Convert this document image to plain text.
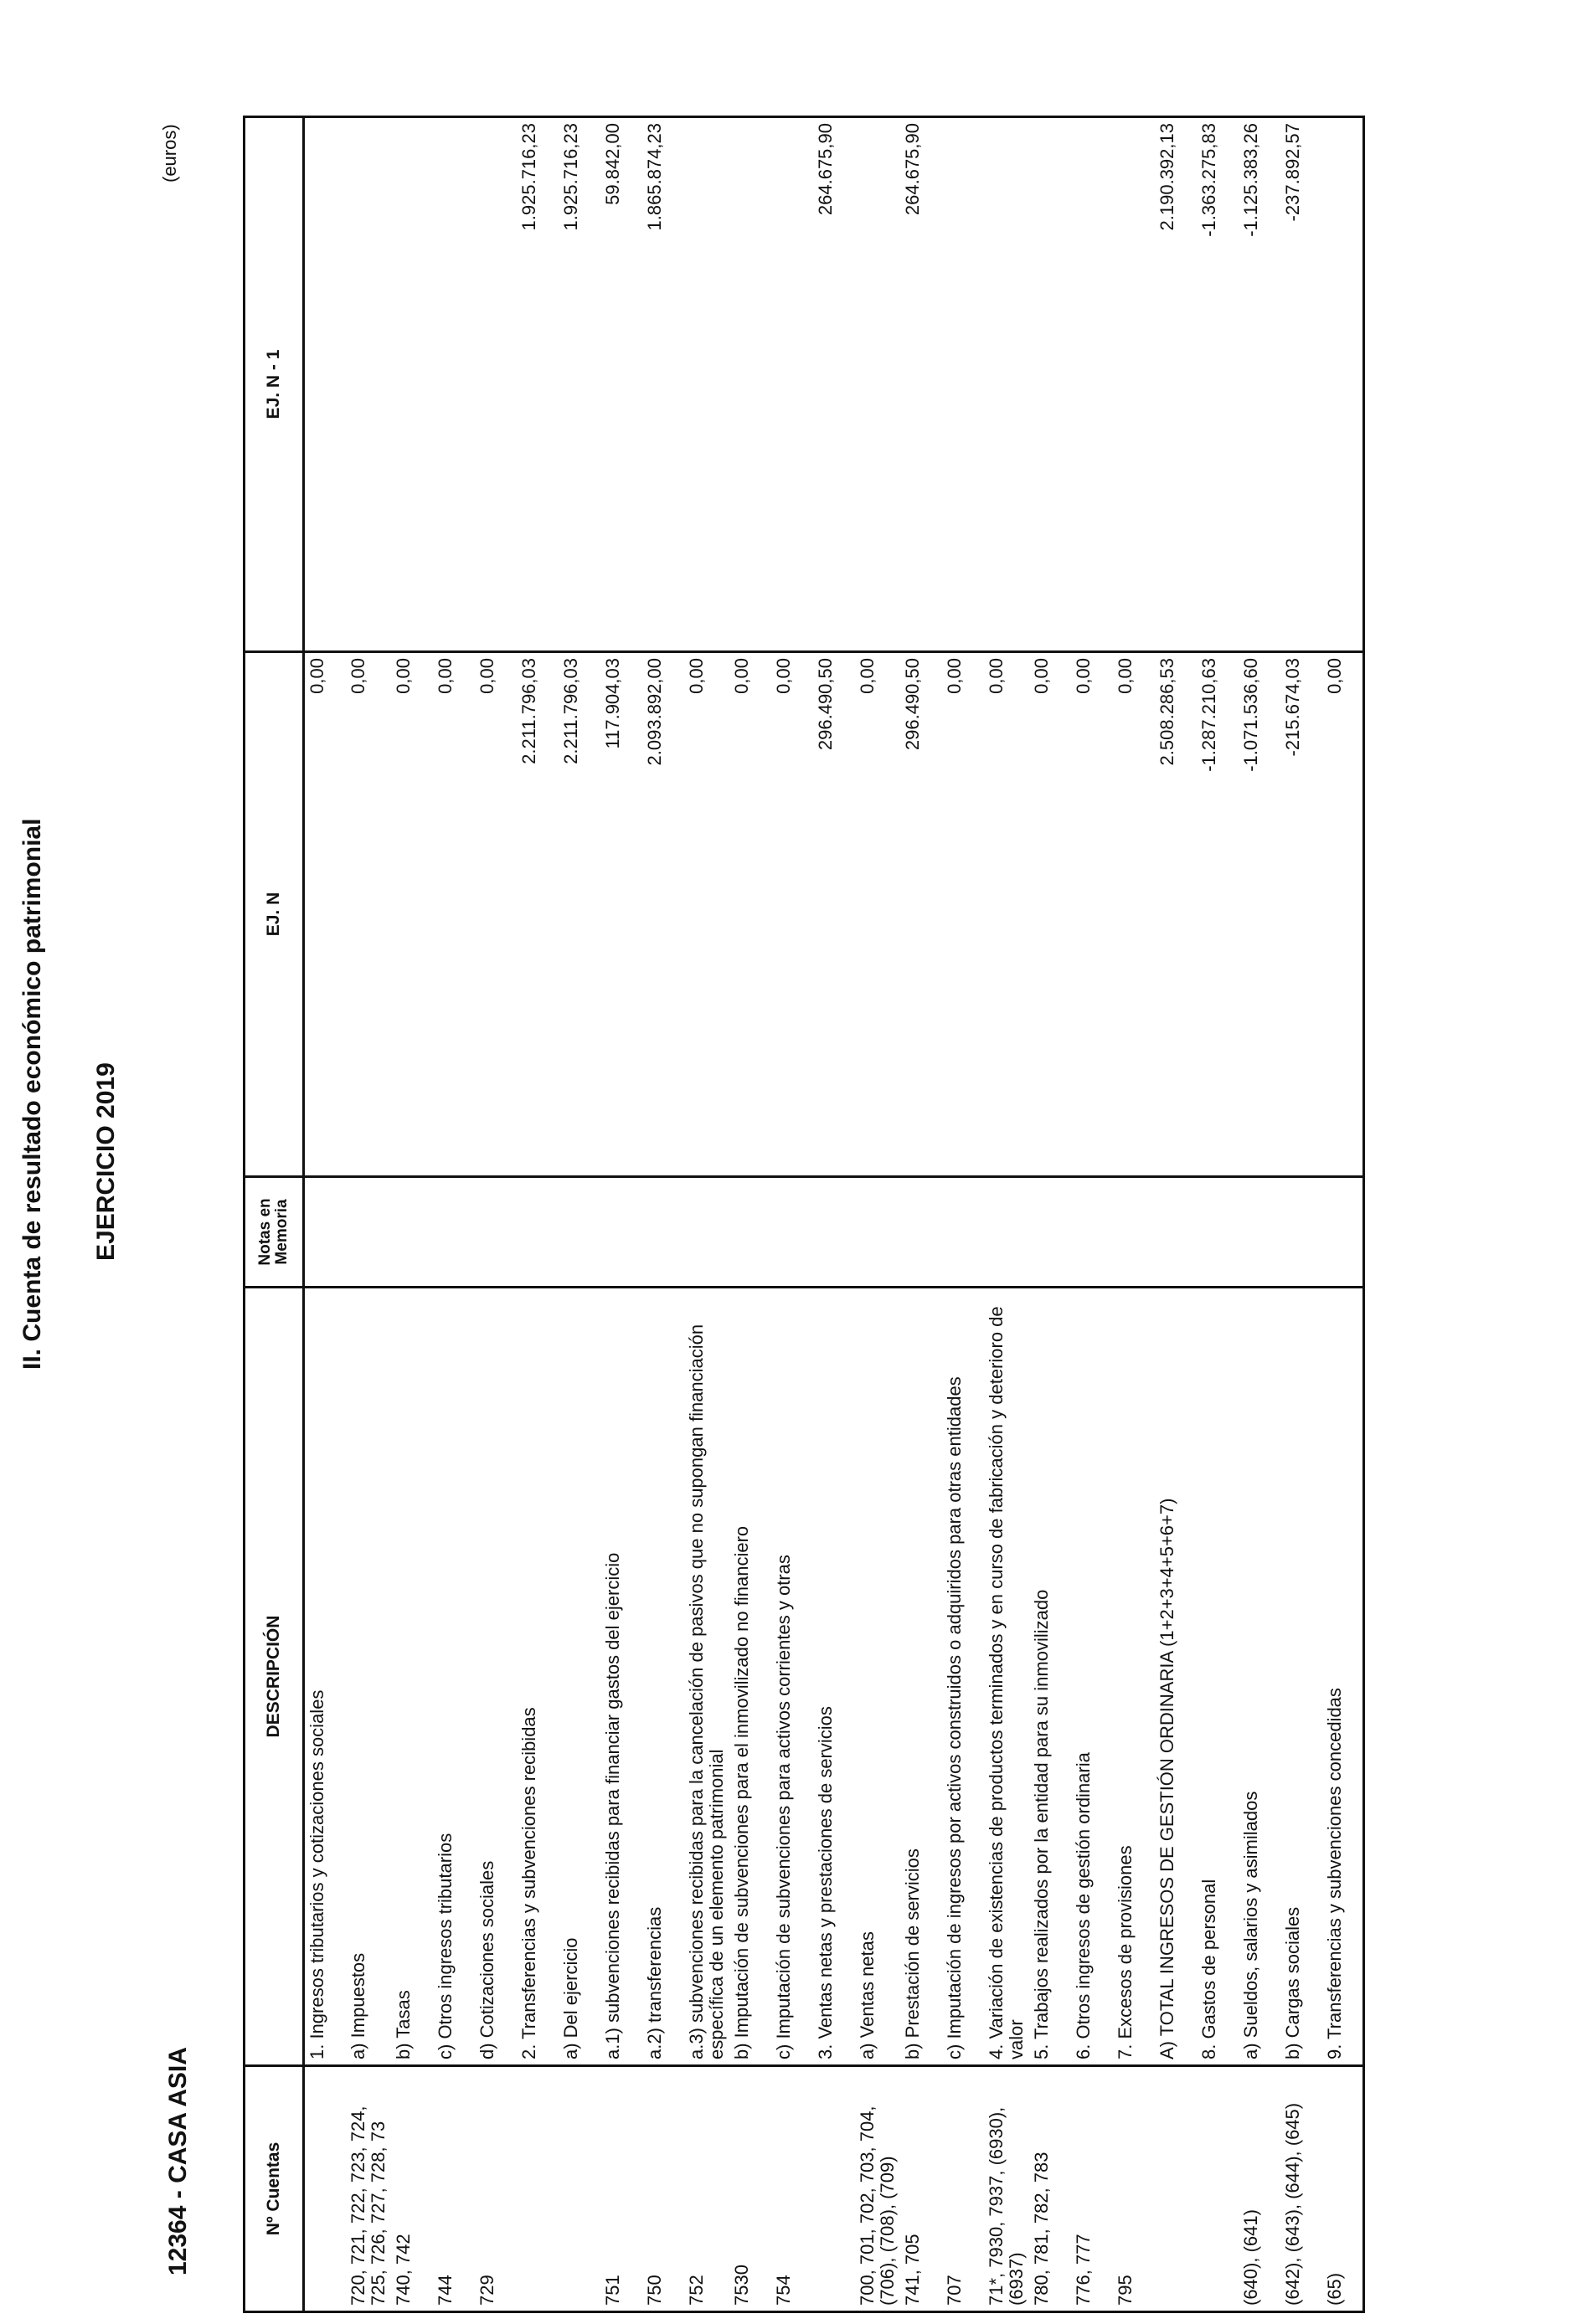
II. Cuenta de resultado económico patrimonial EJERCICIO 2019
12364 - CASA ASIA
(euros)
Nº Cuentas	DESCRIPCIÓN	Notas en Memoria	EJ. N	EJ. N - 1
	1. Ingresos tributarios y cotizaciones sociales		0,00	
720, 721, 722, 723, 724, 725, 726, 727, 728, 73	a) Impuestos		0,00	
740, 742	b) Tasas		0,00	
744	c) Otros ingresos tributarios		0,00	
729	d) Cotizaciones sociales		0,00	
	2. Transferencias y subvenciones recibidas		2.211.796,03	1.925.716,23
	a) Del ejercicio		2.211.796,03	1.925.716,23
751	a.1) subvenciones recibidas para financiar gastos del ejercicio		117.904,03	59.842,00
750	a.2) transferencias		2.093.892,00	1.865.874,23
752	a.3) subvenciones recibidas para la cancelación de pasivos que no supongan financiación específica de un elemento patrimonial		0,00	
7530	b) Imputación de subvenciones para el inmovilizado no financiero		0,00	
754	c) Imputación de subvenciones para activos corrientes y otras		0,00	
	3. Ventas netas y prestaciones de servicios		296.490,50	264.675,90
700, 701, 702, 703, 704, (706), (708), (709)	a) Ventas netas		0,00	
741, 705	b) Prestación de servicios		296.490,50	264.675,90
707	c) Imputación de ingresos por activos construidos o adquiridos para otras entidades		0,00	
71*, 7930, 7937, (6930), (6937)	4. Variación de existencias de productos terminados y en curso de fabricación y deterioro de valor		0,00	
780, 781, 782, 783	5. Trabajos realizados por la entidad para su inmovilizado		0,00	
776, 777	6. Otros ingresos de gestión ordinaria		0,00	
795	7. Excesos de provisiones		0,00	
	A) TOTAL INGRESOS DE GESTIÓN ORDINARIA (1+2+3+4+5+6+7)		2.508.286,53	2.190.392,13
	8. Gastos de personal		-1.287.210,63	-1.363.275,83
(640), (641)	a) Sueldos, salarios y asimilados		-1.071.536,60	-1.125.383,26
(642), (643), (644), (645)	b) Cargas sociales		-215.674,03	-237.892,57
(65)	9. Transferencias y subvenciones concedidas		0,00	
